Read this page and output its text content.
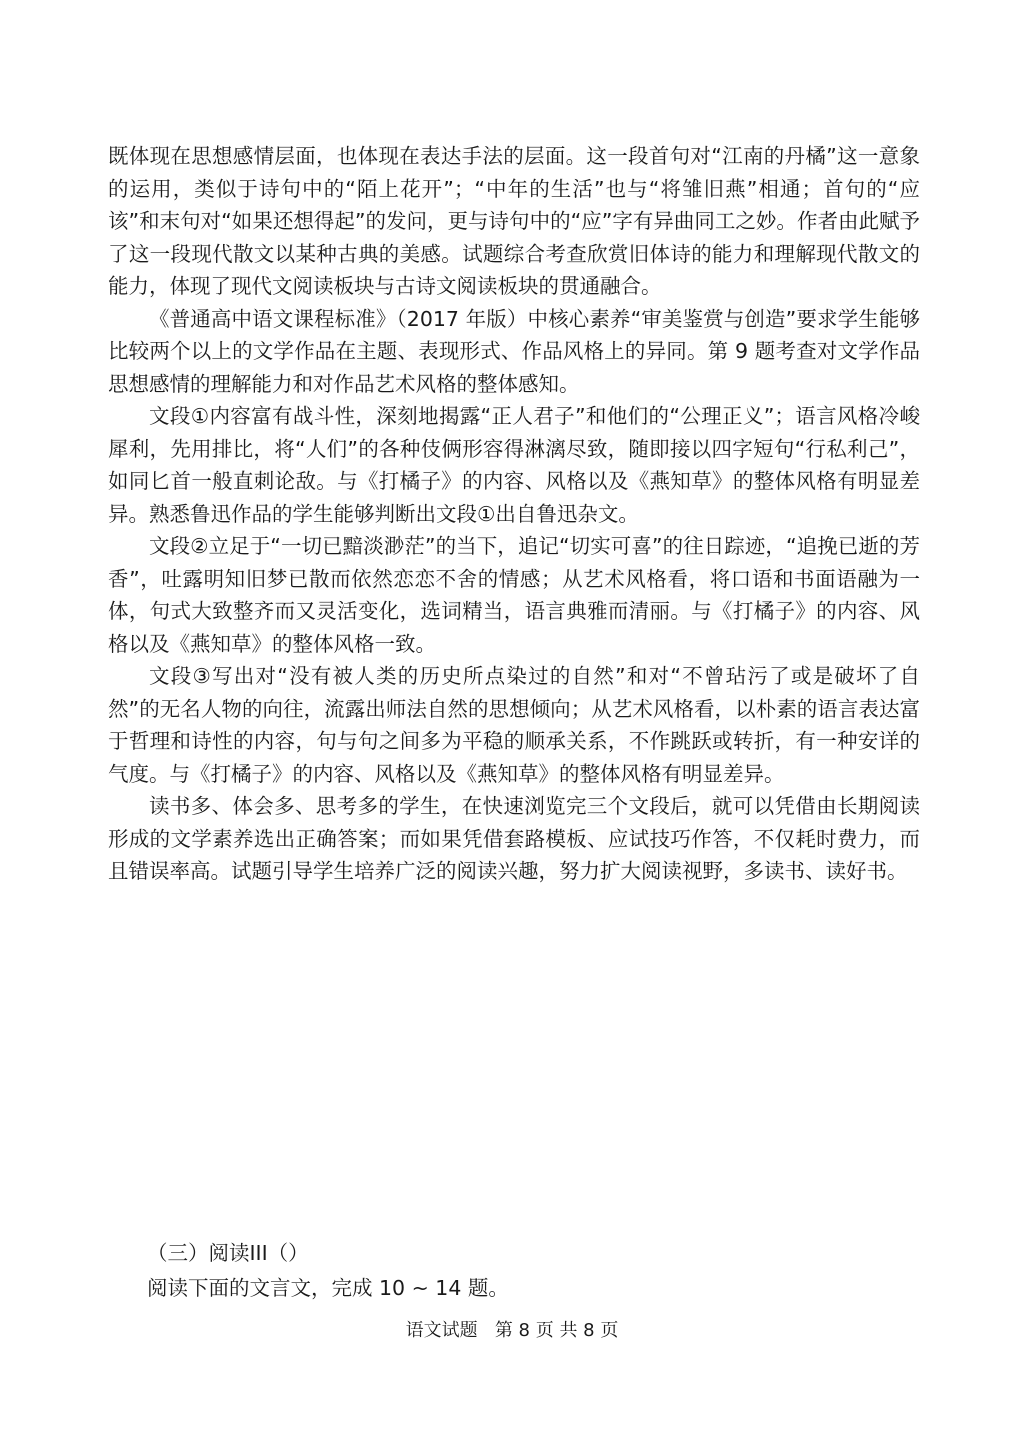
既体现在思想感情层面，也体现在表达手法的层面。这一段首句对“江南的丹橘”这一意象的运用，类似于诗句中的“陌上花开”；“中年的生活”也与“将雏旧燕”相通；首句的“应该”和末句对“如果还想得起”的发问，更与诗句中的“应”字有异曲同工之妙。作者由此赋予了这一段现代散文以某种古典的美感。试题综合考查欣赏旧体诗的能力和理解现代散文的能力，体现了现代文阅读板块与古诗文阅读板块的贯通融合。

《普通高中语文课程标准》（2017 年版）中核心素养“审美鉴赏与创造”要求学生能够比较两个以上的文学作品在主题、表现形式、作品风格上的异同。第 9 题考查对文学作品思想感情的理解能力和对作品艺术风格的整体感知。

文段①内容富有战斗性，深刻地揭露“正人君子”和他们的“公理正义”；语言风格冷峻犀利，先用排比，将“人们”的各种伎俩形容得淋漓尽致，随即接以四字短句“行私利己”，如同匕首一般直刺论敌。与《打橘子》的内容、风格以及《燕知草》的整体风格有明显差异。熟悉鲁迅作品的学生能够判断出文段①出自鲁迅杂文。

文段②立足于“一切已黯淡渺茫”的当下，追记“切实可喜”的往日踪迹，“追挽已逝的芳香”，吐露明知旧梦已散而依然恋恋不舍的情感；从艺术风格看，将口语和书面语融为一体，句式大致整齐而又灵活变化，选词精当，语言典雅而清丽。与《打橘子》的内容、风格以及《燕知草》的整体风格一致。

文段③写出对“没有被人类的历史所点染过的自然”和对“不曾玷污了或是破坏了自然”的无名人物的向往，流露出师法自然的思想倾向；从艺术风格看，以朴素的语言表达富于哲理和诗性的内容，句与句之间多为平稳的顺承关系，不作跳跃或转折，有一种安详的气度。与《打橘子》的内容、风格以及《燕知草》的整体风格有明显差异。

读书多、体会多、思考多的学生，在快速浏览完三个文段后，就可以凭借由长期阅读形成的文学素养选出正确答案；而如果凭借套路模板、应试技巧作答，不仅耗时费力，而且错误率高。试题引导学生培养广泛的阅读兴趣，努力扩大阅读视野，多读书、读好书。

（三）阅读III（）
阅读下面的文言文，完成 10 ~ 14 题。
语文试题   第 8 页 共 8 页
